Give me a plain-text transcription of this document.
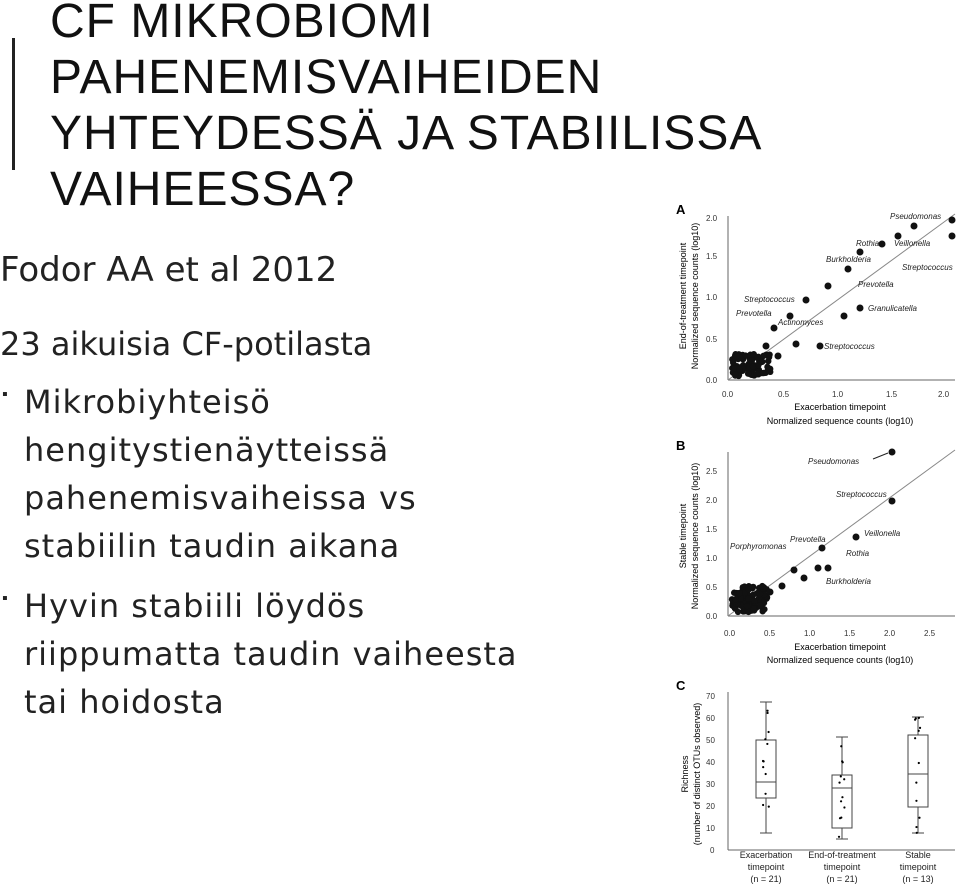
CF MIKROBIOMI
PAHENEMISVAIHEIDEN
YHTEYDESSÄ JA STABIILISSA
VAIHEESSA?
Fodor AA et al 2012
23 aikuisia CF-potilasta
▪ Mikrobiyhteisö
hengitystienäytteissä
pahenemisvaiheissa vs
stabiilin taudin aikana
▪ Hyvin stabiili löydös
riippumatta taudin vaiheesta
tai hoidosta
A
0.0
0.5
1.0
1.5
2.0
0.0	0.5	1.0	1.5	2.0
Exacerbation timepoint
Normalized sequence counts (log10)
End-of-treatment timepoint Normalized sequence counts (log10)
Pseudomonas
Rothia Veillonella
Burkholderia
Streptococcus
Prevotella
Streptococcus
Granulicatella
Prevotella
Actinomyces
Streptococcus
B
0.0
0.5
1.0
1.5
2.0
2.5
0.0	0.5	1.0	1.5	2.0	2.5
Exacerbation timepoint
Normalized sequence counts (log10)
Stable timepoint Normalized sequence counts (log10)
Pseudomonas
Streptococcus
Veillonella
Prevotella
Porphyromonas
Rothia
Burkholderia
C
0
10
20
30
40
50
60
70
Richness (number of distinct OTUs observed)
Exacerbation
timepoint
(n = 21)
End-of-treatment
timepoint
(n = 21)
Stable
timepoint
(n = 13)
